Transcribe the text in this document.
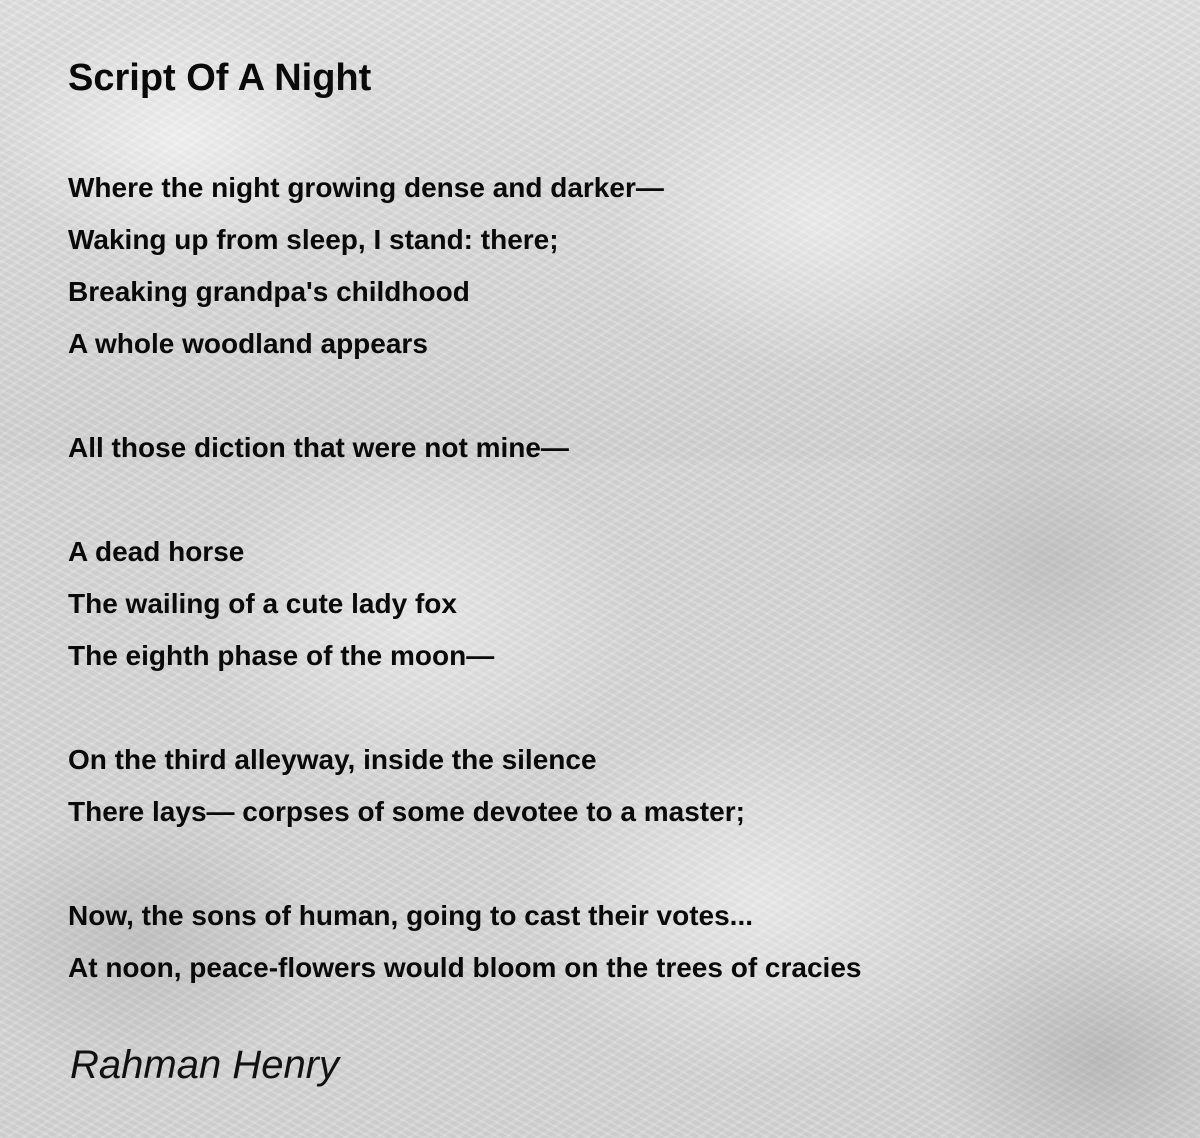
Script Of A Night
Where the night growing dense and darker—
Waking up from sleep, I stand: there;
Breaking grandpa's childhood
A whole woodland appears
All those diction that were not mine—
A dead horse
The wailing of a cute lady fox
The eighth phase of the moon—
On the third alleyway, inside the silence
There lays— corpses of some devotee to a master;
Now, the sons of human, going to cast their votes...
At noon, peace-flowers would bloom on the trees of cracies
Rahman Henry
